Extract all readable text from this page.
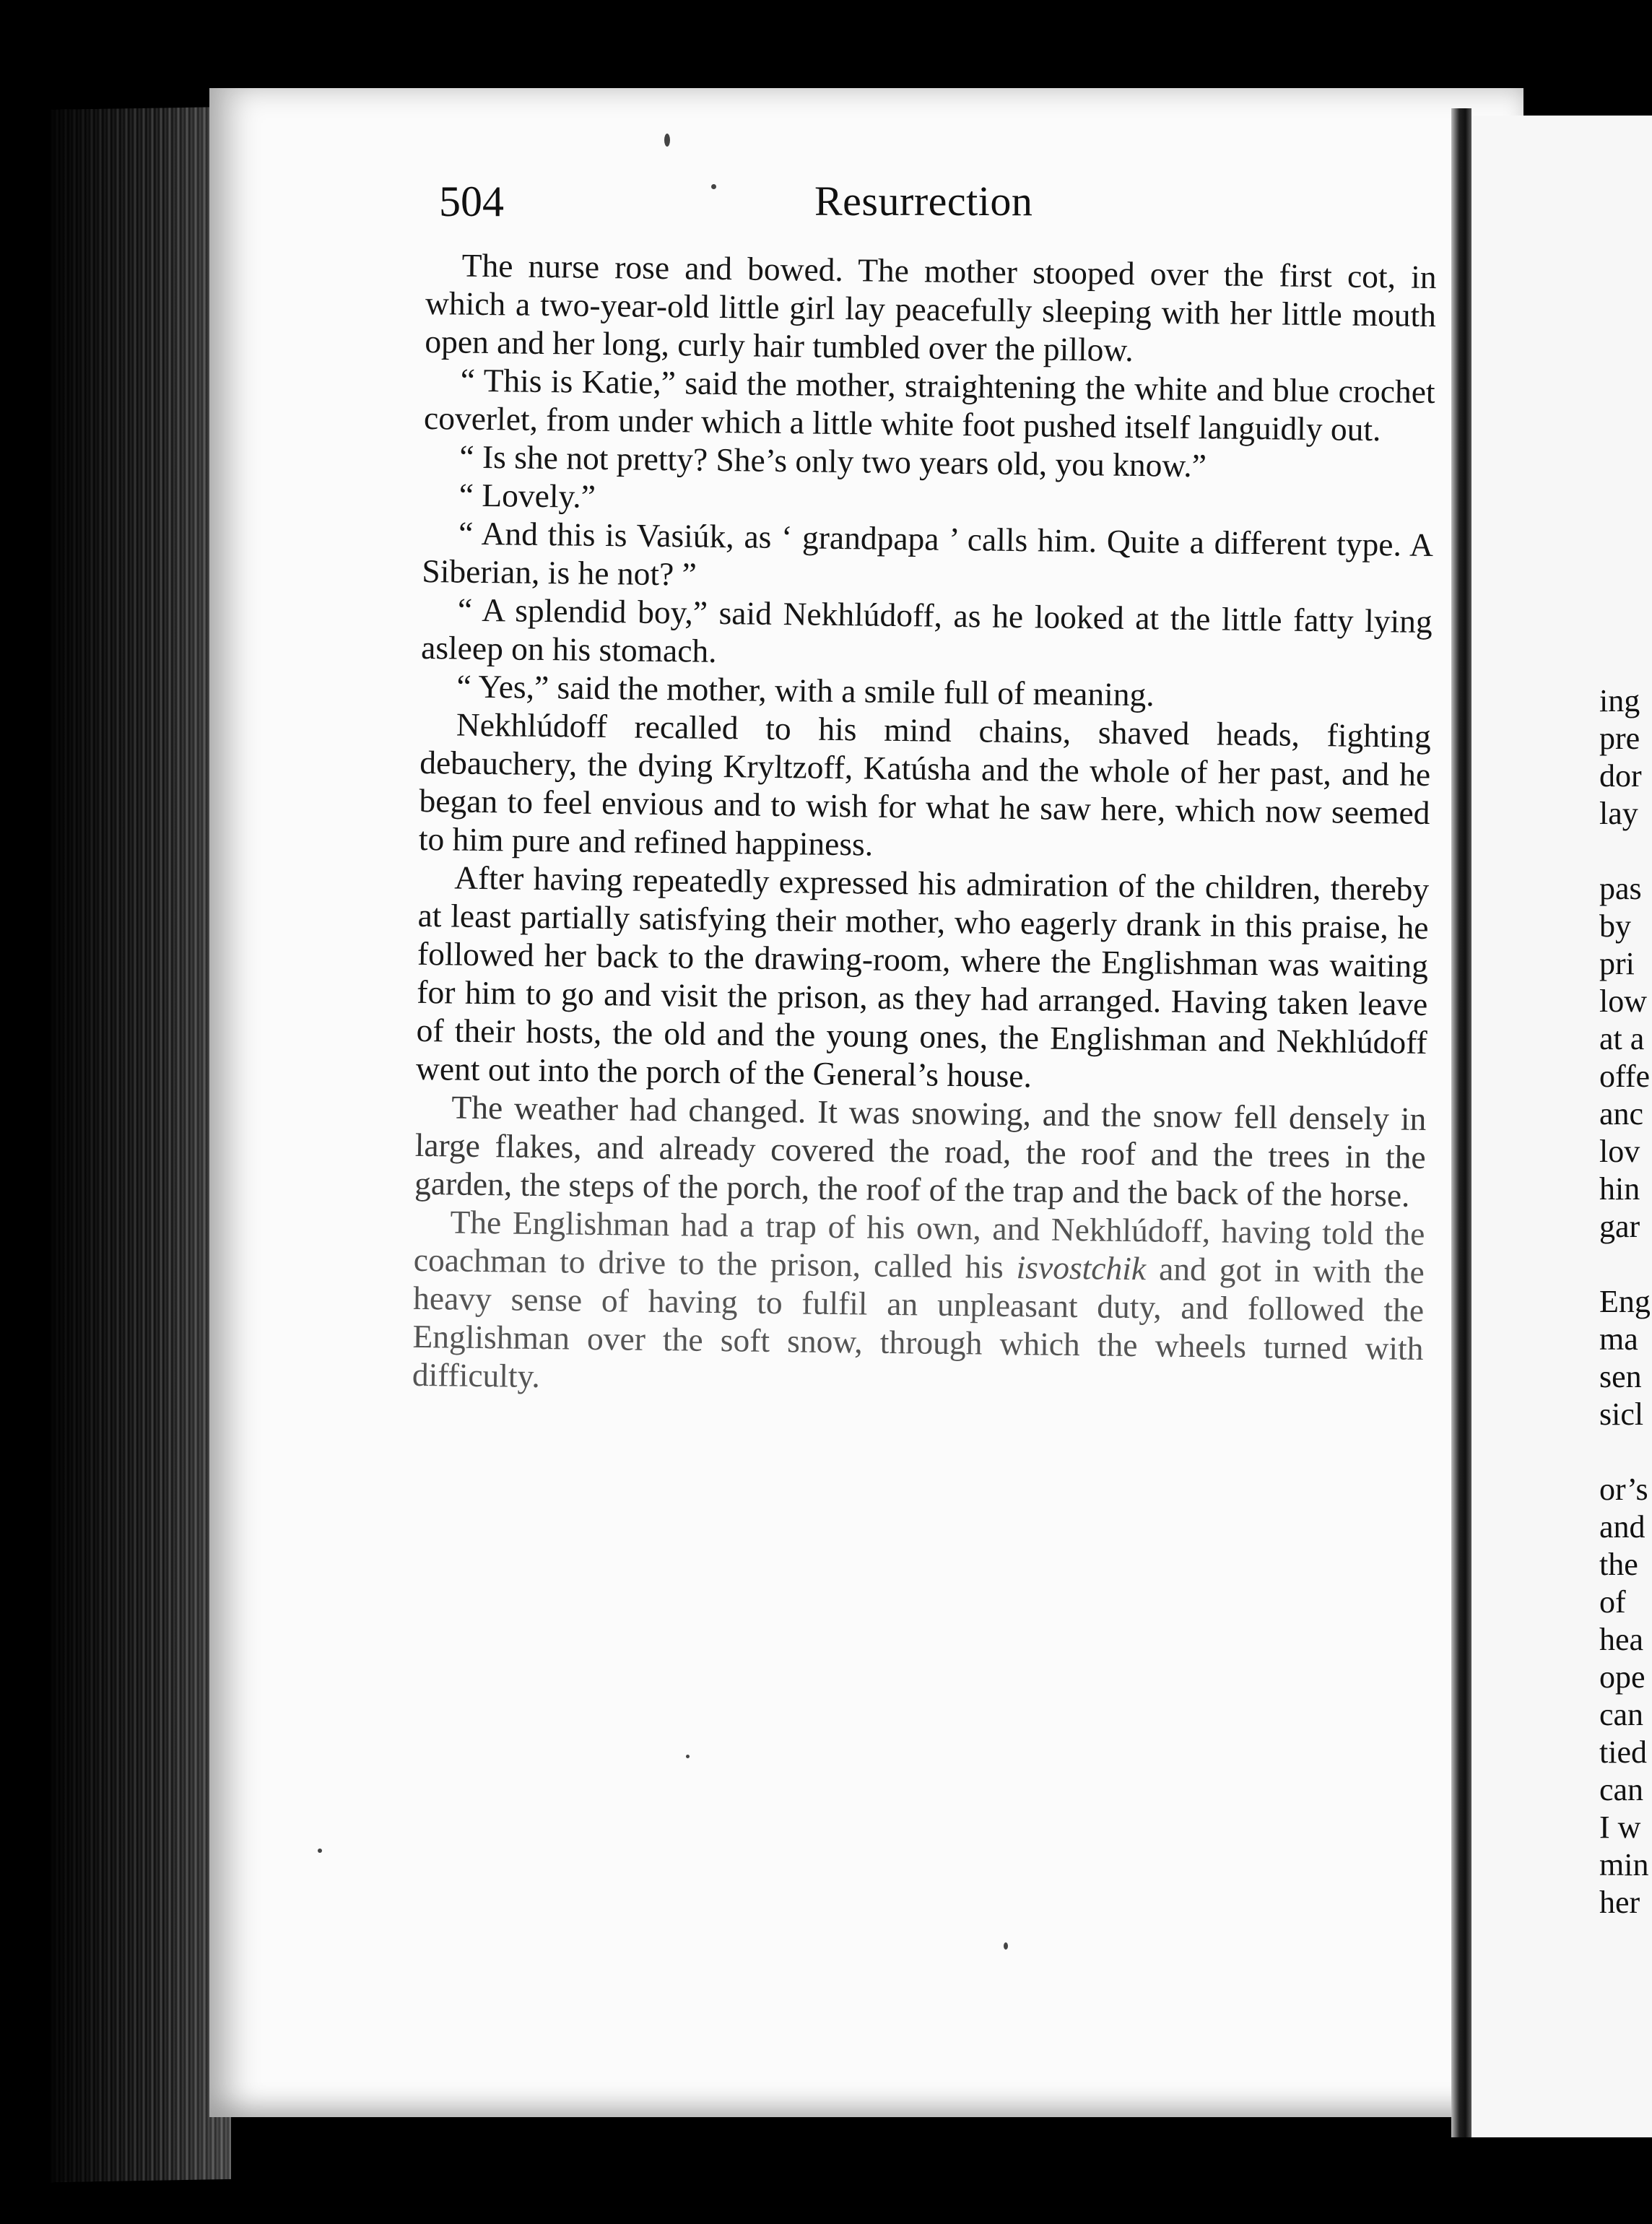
504	Resurrection

The nurse rose and bowed. The mother stooped over the first cot, in which a two-year-old little girl lay peacefully sleeping with her little mouth open and her long, curly hair tumbled over the pillow.

“ This is Katie,” said the mother, straightening the white and blue crochet coverlet, from under which a little white foot pushed itself languidly out.

“ Is she not pretty? She’s only two years old, you know.”

“ Lovely.”

“ And this is Vasiúk, as ‘ grandpapa ’ calls him. Quite a different type. A Siberian, is he not? ”

“ A splendid boy,” said Nekhlúdoff, as he looked at the little fatty lying asleep on his stomach.

“ Yes,” said the mother, with a smile full of meaning.

Nekhlúdoff recalled to his mind chains, shaved heads, fighting debauchery, the dying Kryltzoff, Katúsha and the whole of her past, and he began to feel envious and to wish for what he saw here, which now seemed to him pure and refined happiness.

After having repeatedly expressed his admiration of the children, thereby at least partially satisfying their mother, who eagerly drank in this praise, he followed her back to the drawing-room, where the Englishman was waiting for him to go and visit the prison, as they had arranged. Having taken leave of their hosts, the old and the young ones, the Englishman and Nekhlúdoff went out into the porch of the General’s house.

The weather had changed. It was snowing, and the snow fell densely in large flakes, and already covered the road, the roof and the trees in the garden, the steps of the porch, the roof of the trap and the back of the horse.

The Englishman had a trap of his own, and Nekhlúdoff, having told the coachman to drive to the prison, called his isvostchik and got in with the heavy sense of having to fulfil an unpleasant duty, and followed the Englishman over the soft snow, through which the wheels turned with difficulty.

ing
pre
dor
lay
pas
by
pri
low
at a
offe
anc
lov
hin
gar
Eng
ma
sen
sicl
or’s
and
the
of
hea
ope
can
tied
can
I w
min
her
